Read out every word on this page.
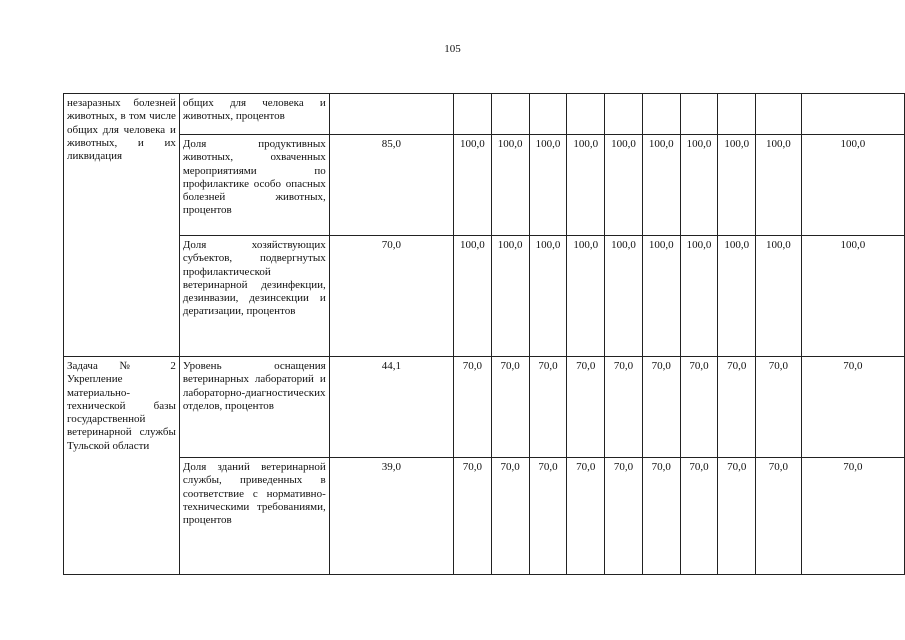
105
незаразных болезней животных, в том числе общих для человека и животных, и их ликвидация	общих для человека и животных, процентов											
	Доля продуктивных животных, охваченных мероприятиями по профилактике особо опасных болезней животных, процентов	85,0	100,0	100,0	100,0	100,0	100,0	100,0	100,0	100,0	100,0	100,0
	Доля хозяйствующих субъектов, подвергнутых профилактической ветеринарной дезинфекции, дезинвазии, дезинсекции и дератизации, процентов	70,0	100,0	100,0	100,0	100,0	100,0	100,0	100,0	100,0	100,0	100,0
Задача № 2 Укрепление материально-технической базы государственной ветеринарной службы Тульской области	Уровень оснащения ветеринарных лабораторий и лабораторно-диагностических отделов, процентов	44,1	70,0	70,0	70,0	70,0	70,0	70,0	70,0	70,0	70,0	70,0
	Доля зданий ветеринарной службы, приведенных в соответствие с нормативно-техническими требованиями, процентов	39,0	70,0	70,0	70,0	70,0	70,0	70,0	70,0	70,0	70,0	70,0
